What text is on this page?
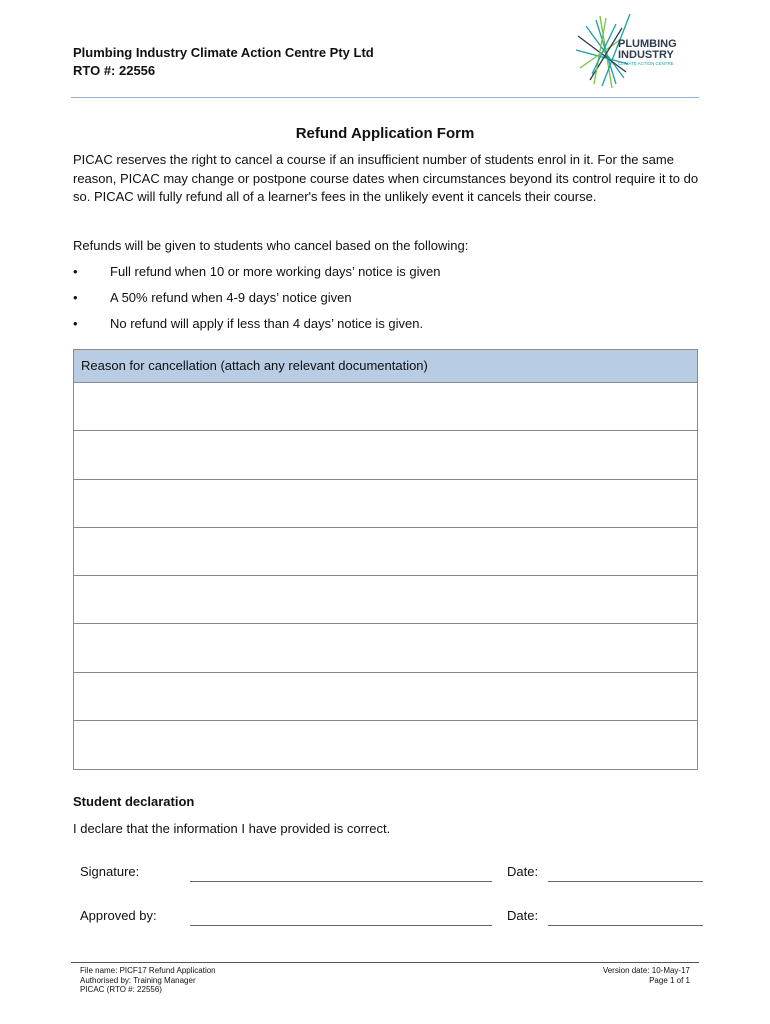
Plumbing Industry Climate Action Centre Pty Ltd
RTO #: 22556
PLUMBING
INDUSTRY
CLIMATE ACTION CENTRE
Refund Application Form
PICAC reserves the right to cancel a course if an insufficient number of students enrol in it. For the same reason, PICAC may change or postpone course dates when circumstances beyond its control require it to do so. PICAC will fully refund all of a learner's fees in the unlikely event it cancels their course.
Refunds will be given to students who cancel based on the following:
• Full refund when 10 or more working days’ notice is given
• A 50% refund when 4-9 days’ notice given
• No refund will apply if less than 4 days’ notice is given.
Reason for cancellation (attach any relevant documentation)
Student declaration
I declare that the information I have provided is correct.
Signature:	Date:
Approved by:	Date:
File name: PICF17 Refund Application
Authorised by: Training Manager
PICAC (RTO #: 22556)
Version date: 10-May-17
Page 1 of 1
